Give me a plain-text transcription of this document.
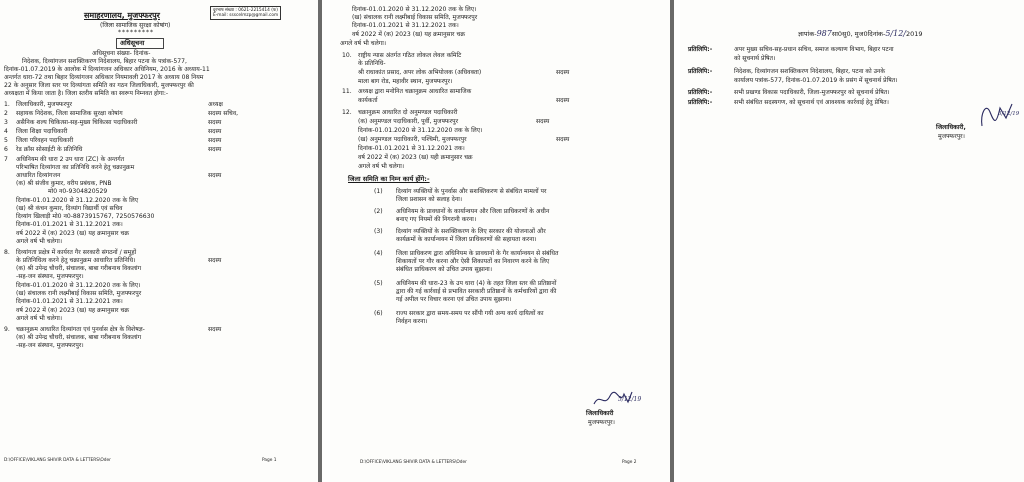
समाहरणालय, मुजफ्फरपुर
(जिला सामाजिक सुरक्षा कोषांग)
*********
दूरभाष संख्या : 0621-2215414 (फ)
E-mail: ssscelmzp@gmail.com
अधिसूचना
अधिसूचना संख्या- दिनांक-
निदेशक, दिव्यांगजन सशक्तिकरण निदेशालय, बिहार पटना के पत्रांक-577,
दिनांक-01.07.2019 के आलोक में दिव्यांगजन अधिकार अधिनियम, 2016 के अध्याय-11
अन्तर्गत धारा-72 तथा बिहार दिव्यांगजन अधिकार नियमावली 2017 के अध्याय 08 नियम
22 के अनुसार जिला स्तर पर दिव्यांगता समिति का गठन जिलाधिकारी, मुजफ्फरपुर की
अध्यक्षता में किया जाता है। जिला स्तरीय समिति का स्वरूप निम्नवत होगा:-
1. जिलाधिकारी, मुजफ्फरपुर	अध्यक्ष
2 सहायक निदेशक, जिला सामाजिक सुरक्षा कोषांग	सदस्य सचिव,
3 असैनिक शल्य चिकित्सा-सह-मुख्य चिकित्सा पदाधिकारी	सदस्य
4 जिला शिक्षा पदाधिकारी	सदस्य
5 जिला परिवहन पदाधिकारी	सदस्य
6 रेड क्रॉस सोसाईटी के प्रतिनिधि	सदस्य
7 अधिनियम की धारा 2 उप धारा (ZC) के अन्तर्गत
परिभाषित दिव्यांगता का प्रतिनिधि करने हेतु चक्रानुक्रम
आधारित दिव्यांगजन	सदस्य
(क) श्री संजीव कुमार, वरीय प्रबंधक, PNB
मो0 न0-9304820529
दिनांक-01.01.2020 से 31.12.2020 तक के लिए
(ख) श्री कंचन कुमार, दिव्यांग विद्यार्थी एवं सचिव
दिव्यांग खिलाड़ी मो0 न0-8873915767, 7250576630
दिनांक-01.01.2021 से 31.12.2021 तक।
वर्ष 2022 में (क) 2023 (ख) यह क्रमानुसार चक्र
अगले वर्ष भी चलेगा।
8. दिव्यांगता प्रक्षेत्र में कार्यरत गैर सरकारी संगठनों / समूहों
के प्रतिनिधित्व करने हेतु चक्रानुक्रम आधारित प्रतिनिधि।	सदस्य
(क) श्री उपेन्द्र चौधरी, संचालक, बाबा गरीबनाथ विकलांग
-सह-जन संस्थान, मुजफ्फरपुर।
दिनांक-01.01.2020 से 31.12.2020 तक के लिए।
(ख) संचालक रानी लक्ष्मीबाई विकास समिति, मुजफ्फरपुर
दिनांक-01.01.2021 से 31.12.2021 तक।
वर्ष 2022 में (क) 2023 (ख) यह क्रमानुसार चक्र
अगले वर्ष भी चलेगा।
9. चक्रानुक्रम आधारित दिव्यांगता एवं पुनर्वास क्षेत्र के विशेषज्ञ-	सदस्य
(क) श्री उपेन्द्र चौधरी, संचालक, बाबा गरीबनाथ विकलांग
-सह-जन संस्थान, मुजफ्फरपुर।
D:\OFFICE\VIKLANG SHIVIR DATA & LETTERS\Oder	Page 1
दिनांक-01.01.2020 से 31.12.2020 तक के लिए।
(ख) संचालक रानी लक्ष्मीबाई विकास समिति, मुजफ्फरपुर
दिनांक-01.01.2021 से 31.12.2021 तक।
वर्ष 2022 में (क) 2023 (ख) यह क्रमानुसार चक्र
अगले वर्ष भी चलेगा।
10. राष्ट्रीय न्यास अंतर्गत गठित लोकल लेवल कमिटि
के प्रतिनिधि-
श्री राधाकांत प्रसाद, अपर लोक अभियोजक (अधिवक्ता)	सदस्य
माला बाग रोड, महावीर स्थान, मुजफ्फरपुर।
11. अध्यक्ष द्वारा मनोनित चक्रानुक्रम आधारित सामाजिक
कार्यकर्ता	सदस्य
12. चक्रानुक्रम आधारित दो अनुमण्डल पदाधिकारी
(क) अनुमण्डल पदाधिकारी, पूर्वी, मुजफ्फरपुर	सदस्य
दिनांक-01.01.2020 से 31.12.2020 तक के लिए।
(ख) अनुमण्डल पदाधिकारी, पश्चिमी, मुजफ्फरपुर	सदस्य
दिनांक-01.01.2021 से 31.12.2021 तक।
वर्ष 2022 में (क) 2023 (ख) यही क्रमानुसार चक्र
अगले वर्ष भी चलेगा।
जिला समिति का निम्न कार्य होंगे:-
(1) दिव्यांग व्यक्तियों के पुनर्वास और सशक्तिकरण से संबंधित मामलों पर
जिला प्रशासन को सलाह देना।
(2) अधिनियम के प्रावधानों के कार्यान्वयन और जिला प्राधिकरणों के अधीन
बनाए गए नियमों की निगरानी करना।
(3) दिव्यांग व्यक्तियों के सशक्तिकरण के लिए सरकार की योजनाओं और
कार्यक्रमों के कार्यान्वयन में जिला प्राधिकरणों की सहायता करना।
(4) जिला प्राधिकरण द्वारा अधिनियम के प्रावधानों के गैर कार्यान्वयन से संबंधित
शिकायतों पर गौर करना और ऐसी शिकायतों का निवारण करने के लिए
संबंधित प्राधिकरण को उचित उपाय सुझाना।
(5) अधिनियम की धारा-23 के उप धारा (4) के तहत जिला स्तर की प्रतिष्ठानों
द्वारा की गई कार्रवाई से प्रभावित सरकारी प्रतिष्ठानों के कर्मचारियों द्वारा की
गई अपील पर विचार करना एवं उचित उपाय सुझाना।
(6) राज्य सरकार द्वारा समय-समय पर सौंपी गयी अन्य कार्य दायित्वों का
निर्वहन करना।
5/12/19
जिलाधिकारी
मुजफ्फरपुर।
D:\OFFICE\VIKLANG SHIVIR DATA & LETTERS\Oder	Page 2
ज्ञापांक-987सा0सु0, मुज0दिनांक-5/12/2019
प्रतिलिपि:-	अपर मुख्य सचिव-सह-प्रधान सचिव, समाज कल्याण विभाग, बिहार पटना
को सूचनार्थ प्रेषित।
प्रतिलिपि:-	निदेशक, दिव्यांगजन सशक्तिकरण निदेशालय, बिहार, पटना को उनके
कार्यालय पत्रांक-577, दिनांक-01.07.2019 के प्रसंग में सूचनार्थ प्रेषित।
प्रतिलिपि:-	सभी प्रखण्ड विकास पदाधिकारी, जिला-मुजफ्फरपुर को सूचनार्थ प्रेषित।
प्रतिलिपि:-	सभी संबंधित सदस्यगण, को सूचनार्थ एवं आवश्यक कार्रवाई हेतु प्रेषित।
5/12/19
जिलाधिकारी,
मुजफ्फरपुर।
